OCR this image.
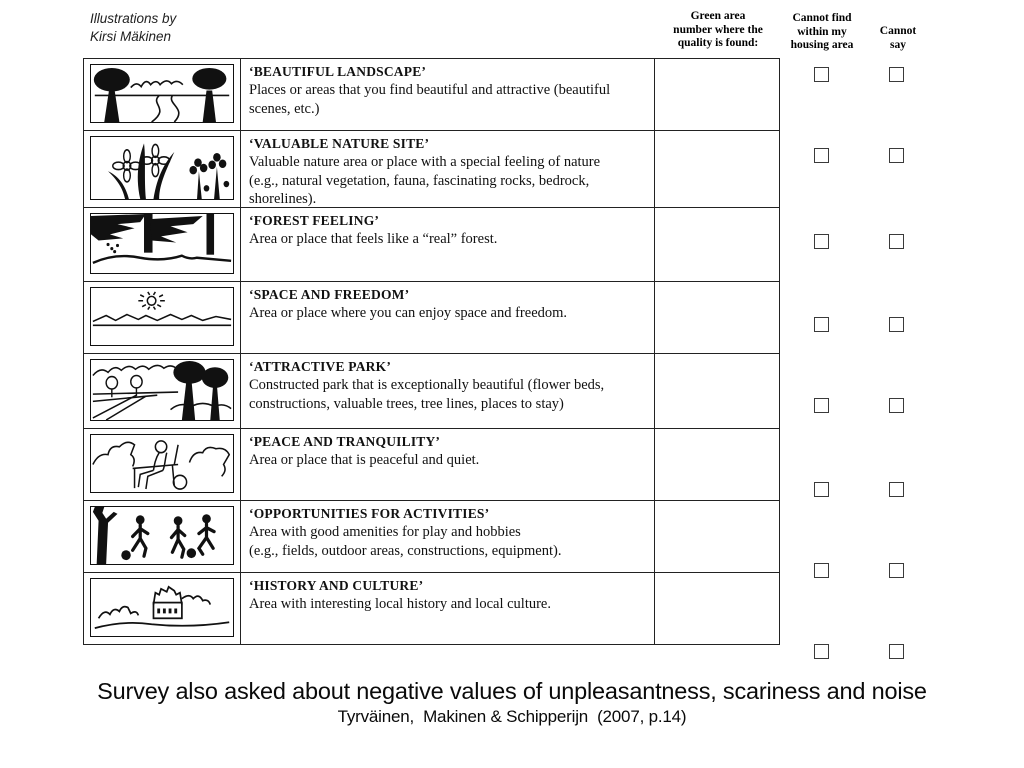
Illustrations by
Kirsi Mäkinen
Green area
number where the
quality is found:
Cannot find
within my
housing area
Cannot
say
‘BEAUTIFUL LANDSCAPE’
Places or areas that you find beautiful and attractive (beautiful
scenes, etc.)
‘VALUABLE NATURE SITE’
Valuable nature area or place with a special feeling of nature
(e.g., natural vegetation, fauna, fascinating rocks, bedrock,
shorelines).
‘FOREST FEELING’
Area or place that feels like a “real” forest.
‘SPACE AND FREEDOM’
Area or place where you can enjoy space and freedom.
‘ATTRACTIVE PARK’
Constructed park that is exceptionally beautiful (flower beds,
constructions, valuable trees, tree lines, places to stay)
‘PEACE AND TRANQUILITY’
Area or place that is peaceful and quiet.
‘OPPORTUNITIES FOR ACTIVITIES’
Area with good amenities for play and hobbies
(e.g., fields, outdoor areas, constructions, equipment).
‘HISTORY AND CULTURE’
Area with interesting local history and local culture.
Survey also asked about negative values of unpleasantness, scariness and noise
Tyrväinen,  Makinen & Schipperijn  (2007, p.14)
